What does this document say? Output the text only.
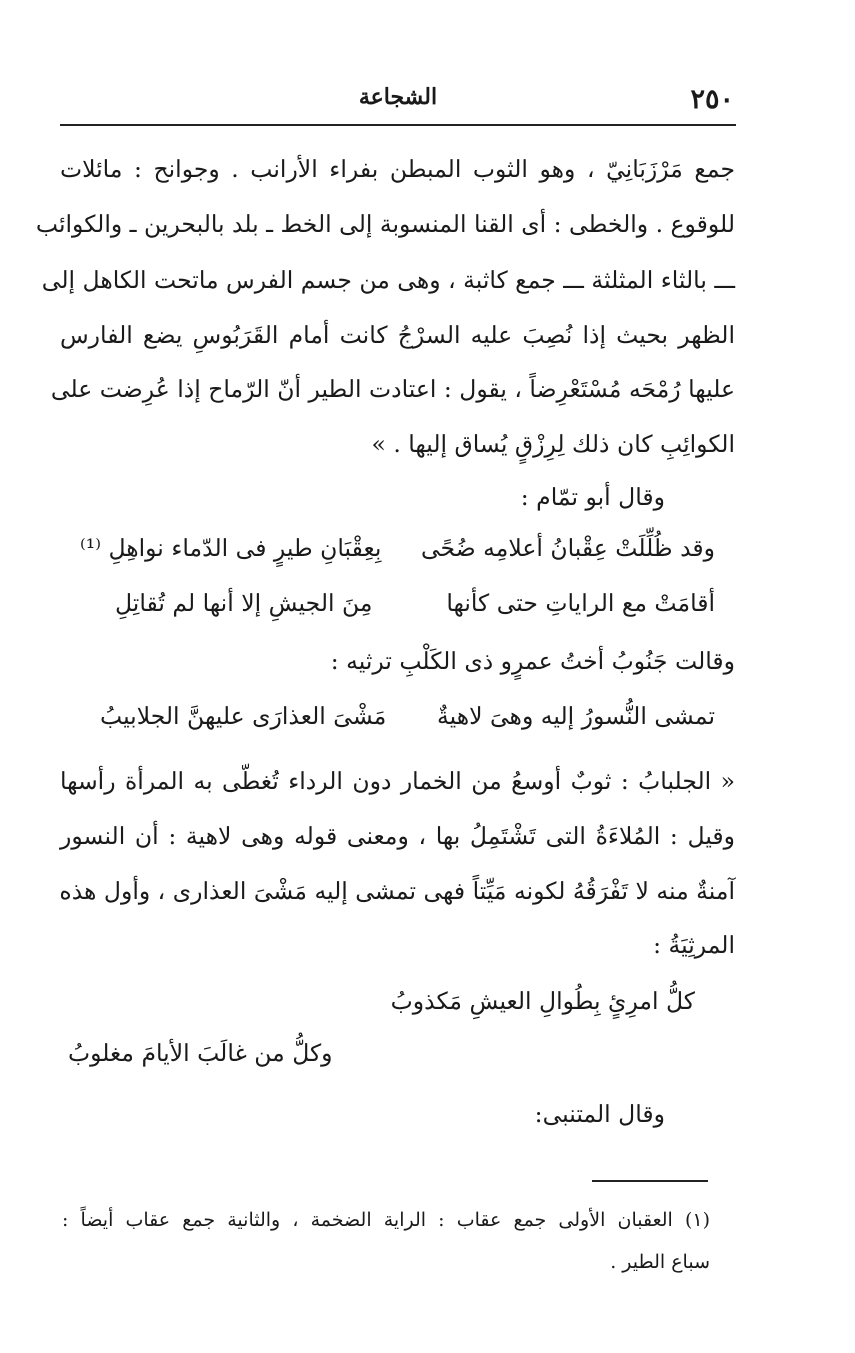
٢٥٠
الشجاعة
جمع مَرْزَبَانِيّ ، وهو الثوب المبطن بفراء الأرانب . وجوانح : مائلات
للوقوع . والخطى : أى القنا المنسوبة إلى الخط ـ بلد بالبحرين ـ والكوائب
ـــ بالثاء المثلثة ـــ جمع كاثبة ، وهى من جسم الفرس ماتحت الكاهل إلى
الظهر بحيث إذا نُصِبَ عليه السرْجُ كانت أمام القَرَبُوسِ يضع الفارس
عليها رُمْحَه مُسْتَعْرِضاً ، يقول : اعتادت الطير أنّ الرّماح إذا عُرِضت على
الكوائِبِ كان ذلك لِرِزْقٍ يُساق إليها . »
وقال أبو تمّام :
وقد ظُلِّلَتْ عِقْبانُ أعلامِه ضُحًى
بِعِقْبَانِ طيرٍ فى الدّماء نواهِلِ ⁽¹⁾
أقامَتْ مع الراياتِ حتى كأنها
مِنَ الجيشِ إلا أنها لم تُقاتِلِ
وقالت جَنُوبُ أختُ عمرٍو ذى الكَلْبِ ترثيه :
تمشى النُّسورُ إليه وهىَ لاهيةٌ
مَشْىَ العذارَى عليهنَّ الجلابيبُ
« الجلبابُ : ثوبٌ أوسعُ من الخمار دون الرداء تُغطّى به المرأة رأسها
وقيل : المُلاءَةُ التى تَشْتَمِلُ بها ، ومعنى قوله وهى لاهية : أن النسور
آمنةٌ منه لا تَفْرَقُهُ لكونه مَيِّتاً فهى تمشى إليه مَشْىَ العذارى ، وأول هذه
المرثِيَةُ :
كلُّ امرِئٍ بِطُوالِ العيشِ مَكذوبُ
وكلُّ من غالَبَ الأيامَ مغلوبُ
وقال المتنبى:
(١) العقبان الأولى جمع عقاب : الراية الضخمة ، والثانية جمع عقاب أيضاً :
سباع الطير .
